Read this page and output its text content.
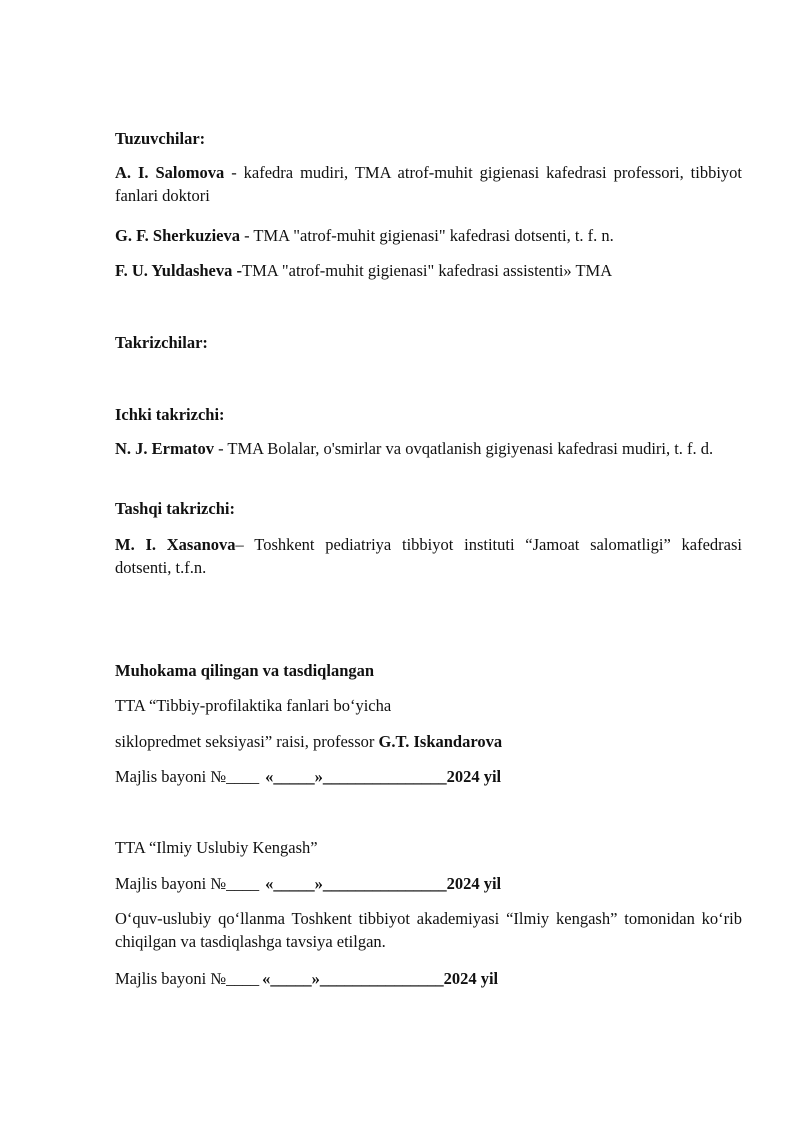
Tuzuvchilar:
A. I. Salomova - kafedra mudiri, TMA atrof-muhit gigienasi kafedrasi professori, tibbiyot fanlari doktori
G. F. Sherkuzieva - TMA "atrof-muhit gigienasi" kafedrasi dotsenti, t. f. n.
F. U. Yuldasheva -TMA "atrof-muhit gigienasi" kafedrasi assistenti» TMA
Takrizchilar:
Ichki takrizchi:
N. J. Ermatov - TMA Bolalar, o'smirlar va ovqatlanish gigiyenasi kafedrasi mudiri, t. f. d.
Tashqi takrizchi:
M. I. Xasanova– Toshkent pediatriya tibbiyot instituti “Jamoat salomatligi” kafedrasi dotsenti, t.f.n.
Muhokama qilingan va tasdiqlangan
TTA “Tibbiy-profilaktika fanlari bo‘yicha
siklopredmet seksiyasi” raisi, professor G.T. Iskandarova
Majlis bayoni №____ «_____»_______________2024 yil
TTA “Ilmiy Uslubiy Kengash”
Majlis bayoni №____ «_____»_______________2024 yil
O‘quv-uslubiy qo‘llanma Toshkent tibbiyot akademiyasi “Ilmiy kengash” tomonidan ko‘rib chiqilgan va tasdiqlashga tavsiya etilgan.
Majlis bayoni №____ «_____»_______________2024 yil
